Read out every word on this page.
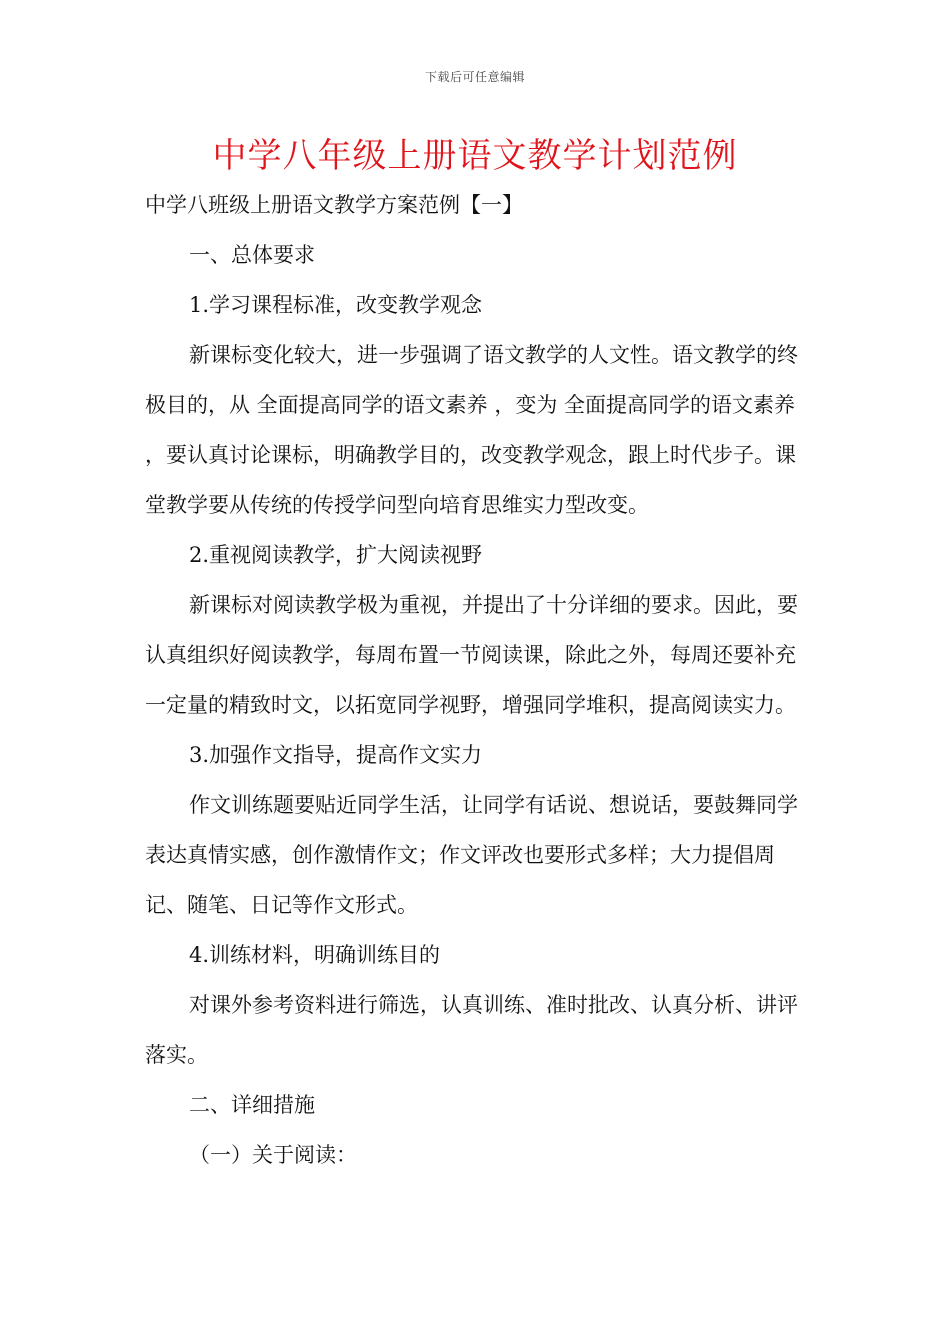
下载后可任意编辑
中学八年级上册语文教学计划范例

中学八班级上册语文教学方案范例【一】

一、总体要求

1.学习课程标准，改变教学观念

新课标变化较大，进一步强调了语文教学的人文性。语文教学的终极目的，从 全面提高同学的语文素养 ，变为 全面提高同学的语文素养 ，要认真讨论课标，明确教学目的，改变教学观念，跟上时代步子。课堂教学要从传统的传授学问型向培育思维实力型改变。

2.重视阅读教学，扩大阅读视野

新课标对阅读教学极为重视，并提出了十分详细的要求。因此，要认真组织好阅读教学，每周布置一节阅读课，除此之外，每周还要补充一定量的精致时文，以拓宽同学视野，增强同学堆积，提高阅读实力。

3.加强作文指导，提高作文实力

作文训练题要贴近同学生活，让同学有话说、想说话，要鼓舞同学表达真情实感，创作激情作文；作文评改也要形式多样；大力提倡周记、随笔、日记等作文形式。

4.训练材料，明确训练目的

对课外参考资料进行筛选，认真训练、准时批改、认真分析、讲评落实。

二、详细措施

（一）关于阅读：
